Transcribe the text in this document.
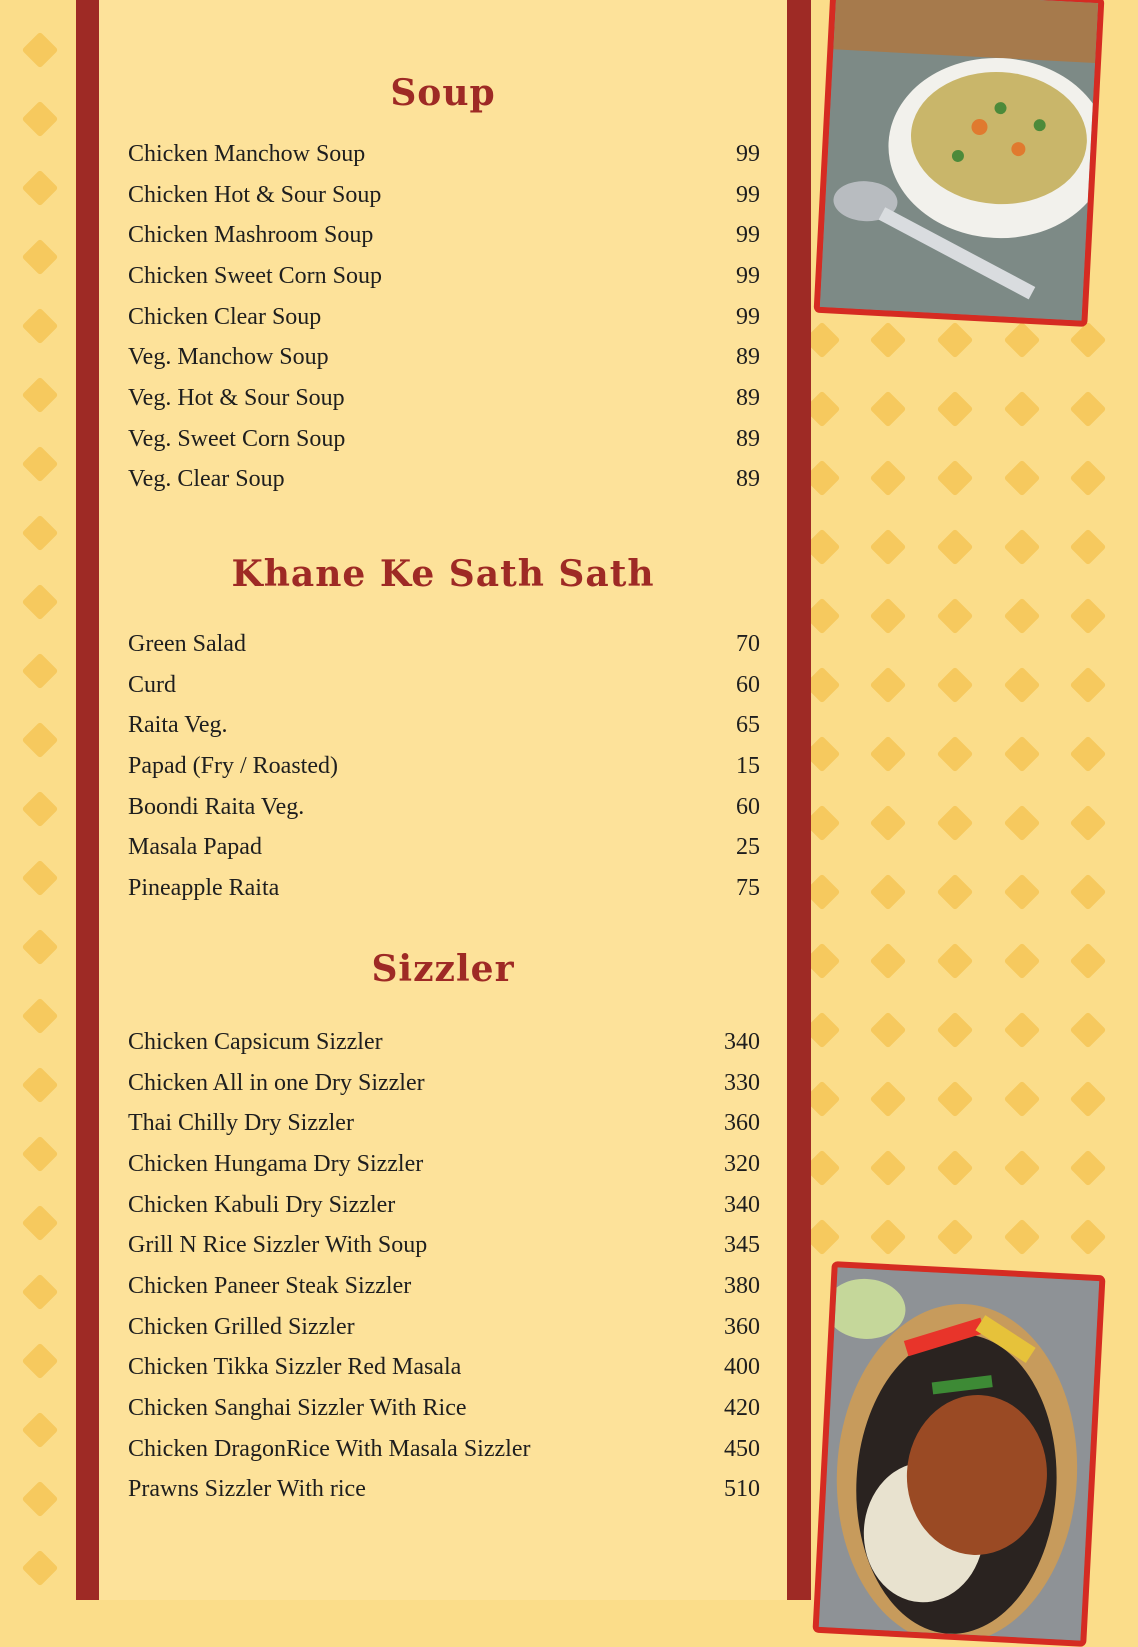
Soup
Chicken Manchow Soup	99
Chicken Hot & Sour Soup	99
Chicken Mashroom Soup	99
Chicken Sweet Corn Soup	99
Chicken Clear Soup	99
Veg. Manchow Soup	89
Veg. Hot & Sour Soup	89
Veg. Sweet Corn Soup	89
Veg. Clear Soup	89
Khane Ke Sath Sath
Green Salad	70
Curd	60
Raita Veg.	65
Papad (Fry / Roasted)	15
Boondi Raita Veg.	60
Masala Papad	25
Pineapple Raita	75
Sizzler
Chicken Capsicum Sizzler	340
Chicken All in one Dry Sizzler	330
Thai Chilly Dry Sizzler	360
Chicken Hungama Dry Sizzler	320
Chicken Kabuli Dry Sizzler	340
Grill N Rice Sizzler With Soup	345
Chicken Paneer Steak Sizzler	380
Chicken Grilled Sizzler	360
Chicken Tikka Sizzler Red Masala	400
Chicken Sanghai Sizzler With Rice	420
Chicken DragonRice With Masala Sizzler	450
Prawns Sizzler With rice	510
